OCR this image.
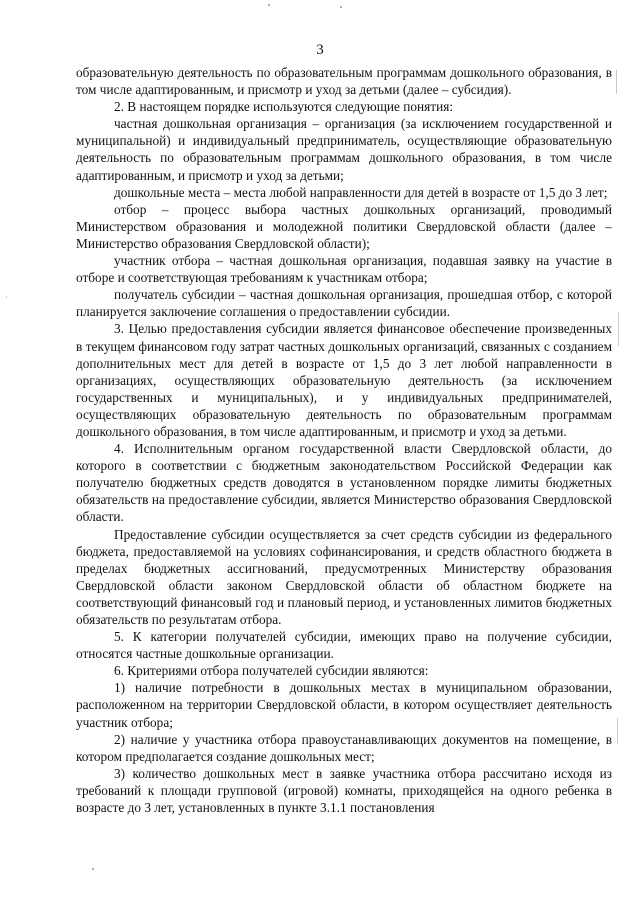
3

образовательную деятельность по образовательным программам дошкольного образования, в том числе адаптированным, и присмотр и уход за детьми (далее – субсидия).

2. В настоящем порядке используются следующие понятия:

частная дошкольная организация – организация (за исключением государственной и муниципальной) и индивидуальный предприниматель, осуществляющие образовательную деятельность по образовательным программам дошкольного образования, в том числе адаптированным, и присмотр и уход за детьми;

дошкольные места – места любой направленности для детей в возрасте от 1,5 до 3 лет;

отбор – процесс выбора частных дошкольных организаций, проводимый Министерством образования и молодежной политики Свердловской области (далее – Министерство образования Свердловской области);

участник отбора – частная дошкольная организация, подавшая заявку на участие в отборе и соответствующая требованиям к участникам отбора;

получатель субсидии – частная дошкольная организация, прошедшая отбор, с которой планируется заключение соглашения о предоставлении субсидии.

3. Целью предоставления субсидии является финансовое обеспечение произведенных в текущем финансовом году затрат частных дошкольных организаций, связанных с созданием дополнительных мест для детей в возрасте от 1,5 до 3 лет любой направленности в организациях, осуществляющих образовательную деятельность (за исключением государственных и муниципальных), и у индивидуальных предпринимателей, осуществляющих образовательную деятельность по образовательным программам дошкольного образования, в том числе адаптированным, и присмотр и уход за детьми.

4. Исполнительным органом государственной власти Свердловской области, до которого в соответствии с бюджетным законодательством Российской Федерации как получателю бюджетных средств доводятся в установленном порядке лимиты бюджетных обязательств на предоставление субсидии, является Министерство образования Свердловской области.

Предоставление субсидии осуществляется за счет средств субсидии из федерального бюджета, предоставляемой на условиях софинансирования, и средств областного бюджета в пределах бюджетных ассигнований, предусмотренных Министерству образования Свердловской области законом Свердловской области об областном бюджете на соответствующий финансовый год и плановый период, и установленных лимитов бюджетных обязательств по результатам отбора.

5. К категории получателей субсидии, имеющих право на получение субсидии, относятся частные дошкольные организации.

6. Критериями отбора получателей субсидии являются:

1) наличие потребности в дошкольных местах в муниципальном образовании, расположенном на территории Свердловской области, в котором осуществляет деятельность участник отбора;

2) наличие у участника отбора правоустанавливающих документов на помещение, в котором предполагается создание дошкольных мест;

3) количество дошкольных мест в заявке участника отбора рассчитано исходя из требований к площади групповой (игровой) комнаты, приходящейся на одного ребенка в возрасте до 3 лет, установленных в пункте 3.1.1 постановления
